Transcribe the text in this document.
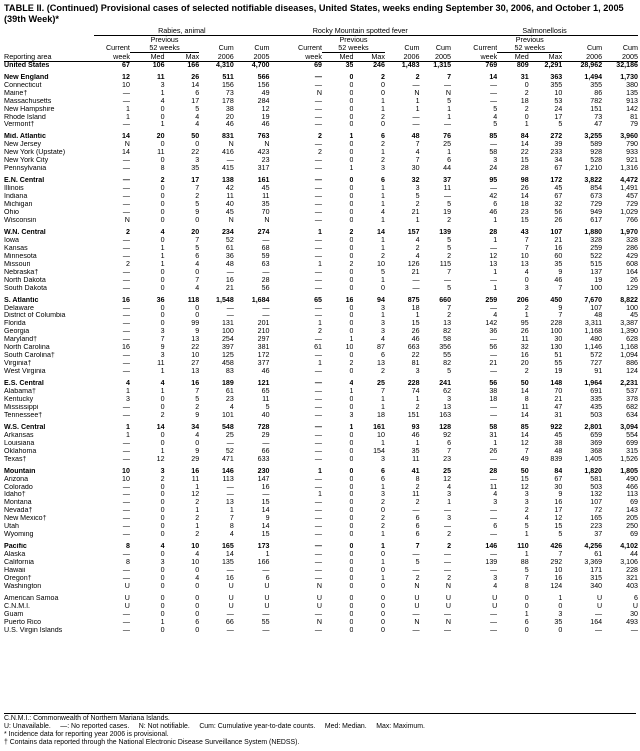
TABLE II. (Continued) Provisional cases of selected notifiable diseases, United States, weeks ending September 30, 2006, and October 1, 2005 (39th Week)*
	Rabies, animal					Rocky Mountain spotted fever					Salmonellosis				
		Previous					Previous					Previous			
	Current	52 weeks		Cum	Cum	Current	52 weeks		Cum	Cum	Current	52 weeks		Cum	Cum
Reporting area	week	Med	Max	2006	2005	week	Med	Max	2006	2005	week	Med	Max	2006	2005
United States	67	106	166	4,310	4,700	69	35	246	1,483	1,315	769	809	2,291	28,962	32,186

New England	12	11	26	511	566	—	0	2	2	7	14	31	363	1,494	1,730
Connecticut	10	3	14	156	156	—	0	0	—	—	—	0	355	355	380
Maine†	—	1	6	73	49	N	0	0	N	N	—	2	10	86	135
Massachusetts	—	4	17	178	284	—	0	1	1	5	—	18	53	782	913
New Hampshire	1	0	5	38	12	—	0	1	1	1	5	2	24	151	142
Rhode Island	1	0	4	20	19	—	0	2	—	1	4	0	17	73	81
Vermont†	—	1	4	46	46	—	0	0	—	—	5	1	5	47	79

Mid. Atlantic	14	20	50	831	763	2	1	6	48	76	85	84	272	3,255	3,960
New Jersey	N	0	0	N	N	—	0	2	7	25	—	14	39	589	790
New York (Upstate)	14	11	22	416	423	2	0	1	4	1	58	22	233	928	933
New York City	—	0	3	—	23	—	0	2	7	6	3	15	34	528	921
Pennsylvania	—	8	35	415	317	—	1	3	30	44	24	28	67	1,210	1,316

E.N. Central	—	2	17	138	161	—	0	6	32	37	95	98	172	3,822	4,472
Illinois	—	0	7	42	45	—	0	1	3	11	—	26	45	854	1,491
Indiana	—	0	2	11	11	—	0	1	5	—	42	14	67	673	457
Michigan	—	0	5	40	35	—	0	1	2	5	6	18	32	729	729
Ohio	—	0	9	45	70	—	0	4	21	19	46	23	56	949	1,029
Wisconsin	N	0	0	N	N	—	0	1	1	2	1	15	26	617	766

W.N. Central	2	4	20	234	274	1	2	14	157	139	28	43	107	1,880	1,970
Iowa	—	0	7	52	—	—	0	1	4	5	1	7	21	328	328
Kansas	—	1	5	61	68	—	0	1	2	5	—	7	16	259	286
Minnesota	—	1	6	36	59	—	0	2	4	2	12	10	60	522	429
Missouri	2	1	4	48	63	1	2	10	126	115	13	13	35	515	608
Nebraska†	—	0	0	—	—	—	0	5	21	7	1	4	9	137	164
North Dakota	—	0	7	16	28	—	0	1	—	—	—	0	46	19	26
South Dakota	—	0	4	21	56	—	0	0	—	5	1	3	7	100	129

S. Atlantic	16	36	118	1,548	1,684	65	16	94	875	660	259	206	450	7,670	8,822
Delaware	—	0	0	—	—	—	0	3	18	7	—	2	9	107	100
District of Columbia	—	0	0	—	—	—	0	1	1	2	4	1	7	48	45
Florida	—	0	99	131	201	1	0	3	15	13	142	95	228	3,311	3,387
Georgia	—	3	9	100	210	2	0	3	26	82	36	26	100	1,168	1,390
Maryland†	—	7	13	254	297	—	1	4	46	58	—	11	30	480	628
North Carolina	16	9	22	397	381	61	10	87	663	356	56	32	130	1,146	1,168
South Carolina†	—	3	10	125	172	—	0	6	22	55	—	16	51	572	1,094
Virginia†	—	11	27	458	377	1	2	13	81	82	21	20	55	727	886
West Virginia	—	1	13	83	46	—	0	2	3	5	—	2	19	91	124

E.S. Central	4	4	16	189	121	—	4	25	228	241	56	50	148	1,964	2,231
Alabama†	1	1	7	61	65	—	1	7	74	62	38	14	70	691	537
Kentucky	3	0	5	23	11	—	0	1	1	3	18	8	21	335	378
Mississippi	—	0	2	4	5	—	0	1	2	13	—	11	47	435	682
Tennessee†	—	2	9	101	40	—	3	18	151	163	—	14	31	503	634

W.S. Central	1	14	34	548	728	—	1	161	93	128	58	85	922	2,801	3,094
Arkansas	1	0	4	25	29	—	0	10	46	92	31	14	45	659	554
Louisiana	—	0	0	—	—	—	0	1	1	6	1	12	38	369	699
Oklahoma	—	1	9	52	66	—	0	154	35	7	26	7	48	368	315
Texas†	—	12	29	471	633	—	0	3	11	23	—	49	839	1,405	1,526

Mountain	10	3	16	146	230	1	0	6	41	25	28	50	84	1,820	1,805
Arizona	10	2	11	113	147	—	0	6	8	12	—	15	67	581	490
Colorado	—	0	1	—	16	—	0	1	2	4	11	12	30	503	466
Idaho†	—	0	12	—	—	1	0	3	11	3	4	3	9	132	113
Montana	—	0	2	13	15	—	0	2	2	1	3	3	16	107	69
Nevada†	—	0	1	1	14	—	0	0	—	—	—	2	17	72	143
New Mexico†	—	0	2	7	9	—	0	2	6	3	—	4	12	165	205
Utah	—	0	1	8	14	—	0	2	6	—	6	5	15	223	250
Wyoming	—	0	2	4	15	—	0	1	6	2	—	1	5	37	69

Pacific	8	4	10	165	173	—	0	1	7	2	146	110	426	4,256	4,102
Alaska	—	0	4	14	1	—	0	0	—	—	—	1	7	61	44
California	8	3	10	135	166	—	0	1	5	—	139	88	292	3,369	3,106
Hawaii	—	0	0	—	—	—	0	0	—	—	—	5	10	171	228
Oregon†	—	0	4	16	6	—	0	1	2	2	3	7	16	315	321
Washington	U	0	0	U	U	N	0	0	N	N	4	8	124	340	403

American Samoa	U	0	0	U	U	U	0	0	U	U	U	0	1	U	6
C.N.M.I.	U	0	0	U	U	U	0	0	U	U	U	0	0	U	U
Guam	—	0	0	—	—	—	0	0	—	—	—	1	3	—	30
Puerto Rico	—	1	6	66	55	N	0	0	N	N	—	6	35	164	493
U.S. Virgin Islands	—	0	0	—	—	—	0	0	—	—	—	0	0	—	—
C.N.M.I.: Commonwealth of Northern Mariana Islands.
U: Unavailable.     —: No reported cases.     N: Not notifiable.     Cum: Cumulative year-to-date counts.     Med: Median.     Max: Maximum.
* Incidence data for reporting year 2006 is provisional.
† Contains data reported through the National Electronic Disease Surveillance System (NEDSS).
